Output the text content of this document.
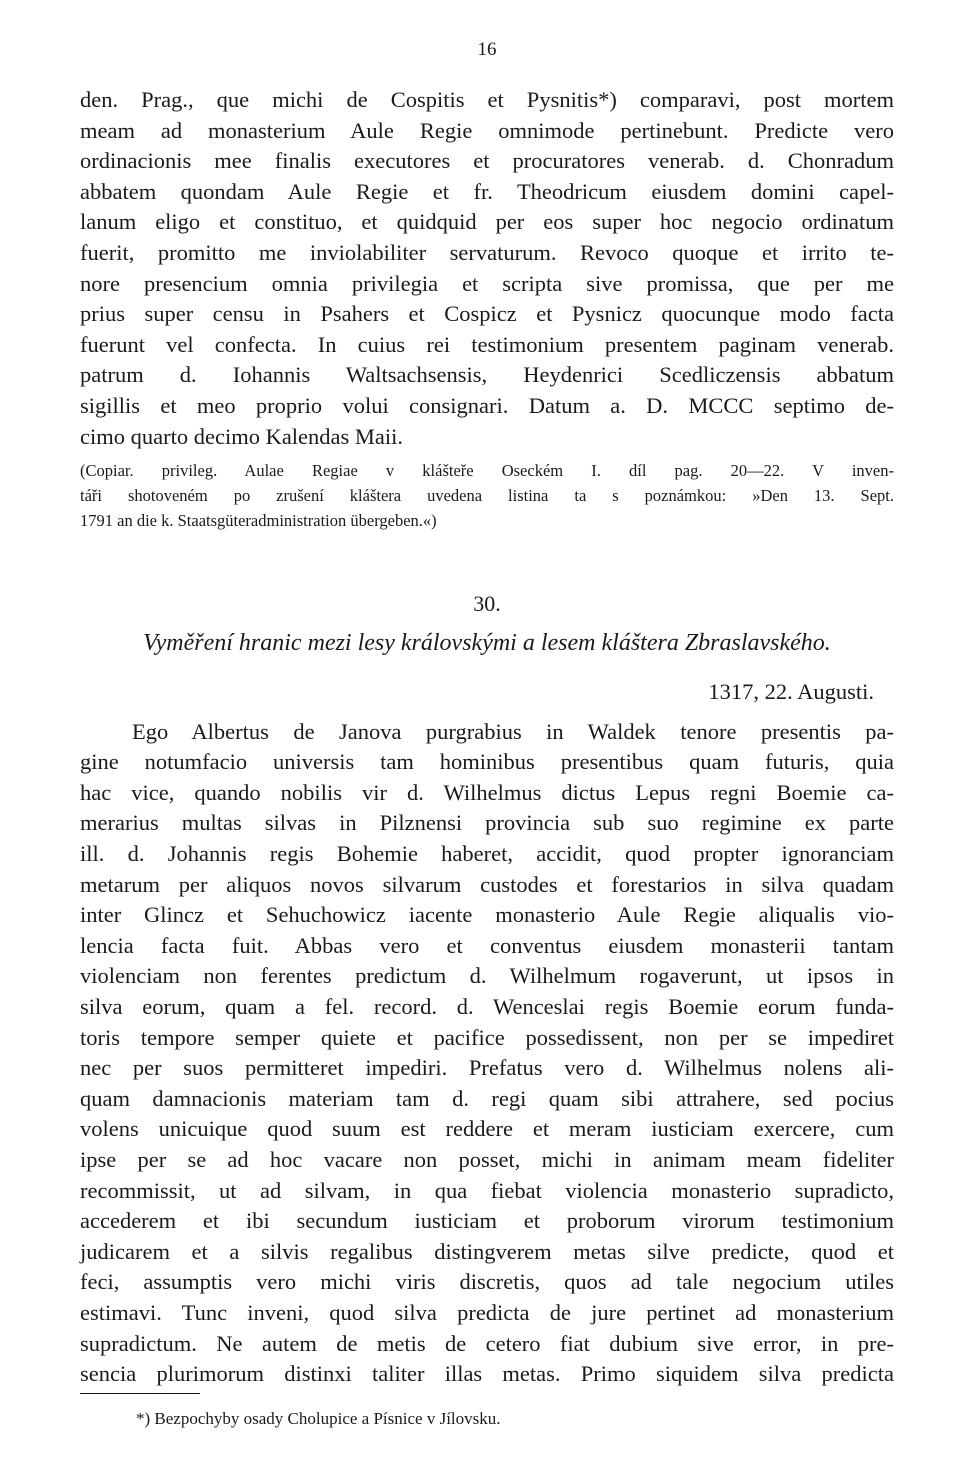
16
den. Prag., que michi de Cospitis et Pysnitis*) comparavi, post mortem
meam ad monasterium Aule Regie omnimode pertinebunt. Predicte vero
ordinacionis mee finalis executores et procuratores venerab. d. Chonradum
abbatem quondam Aule Regie et fr. Theodricum eiusdem domini capel-
lanum eligo et constituo, et quidquid per eos super hoc negocio ordinatum
fuerit, promitto me inviolabiliter servaturum. Revoco quoque et irrito te-
nore presencium omnia privilegia et scripta sive promissa, que per me
prius super censu in Psahers et Cospicz et Pysnicz quocunque modo facta
fuerunt vel confecta. In cuius rei testimonium presentem paginam venerab.
patrum d. Iohannis Waltsachsensis, Heydenrici Scedliczensis abbatum
sigillis et meo proprio volui consignari. Datum a. D. MCCC septimo de-
cimo quarto decimo Kalendas Maii.
(Copiar. privileg. Aulae Regiae v klášteře Oseckém I. díl pag. 20—22. V inven-
táři shotoveném po zrušení kláštera uvedena listina ta s poznámkou: »Den 13. Sept.
1791 an die k. Staatsgüteradministration übergeben.«)
30.
Vyměření hranic mezi lesy královskými a lesem kláštera Zbraslavského.
1317, 22. Augusti.
Ego Albertus de Janova purgrabius in Waldek tenore presentis pa-
gine notumfacio universis tam hominibus presentibus quam futuris, quia
hac vice, quando nobilis vir d. Wilhelmus dictus Lepus regni Boemie ca-
merarius multas silvas in Pilznensi provincia sub suo regimine ex parte
ill. d. Johannis regis Bohemie haberet, accidit, quod propter ignoranciam
metarum per aliquos novos silvarum custodes et forestarios in silva quadam
inter Glincz et Sehuchowicz iacente monasterio Aule Regie aliqualis vio-
lencia facta fuit. Abbas vero et conventus eiusdem monasterii tantam
violenciam non ferentes predictum d. Wilhelmum rogaverunt, ut ipsos in
silva eorum, quam a fel. record. d. Wenceslai regis Boemie eorum funda-
toris tempore semper quiete et pacifice possedissent, non per se impediret
nec per suos permitteret impediri. Prefatus vero d. Wilhelmus nolens ali-
quam damnacionis materiam tam d. regi quam sibi attrahere, sed pocius
volens unicuique quod suum est reddere et meram iusticiam exercere, cum
ipse per se ad hoc vacare non posset, michi in animam meam fideliter
recommissit, ut ad silvam, in qua fiebat violencia monasterio supradicto,
accederem et ibi secundum iusticiam et proborum virorum testimonium
judicarem et a silvis regalibus distingverem metas silve predicte, quod et
feci, assumptis vero michi viris discretis, quos ad tale negocium utiles
estimavi. Tunc inveni, quod silva predicta de jure pertinet ad monasterium
supradictum. Ne autem de metis de cetero fiat dubium sive error, in pre-
sencia plurimorum distinxi taliter illas metas. Primo siquidem silva predicta
*) Bezpochyby osady Cholupice a Písnice v Jílovsku.
